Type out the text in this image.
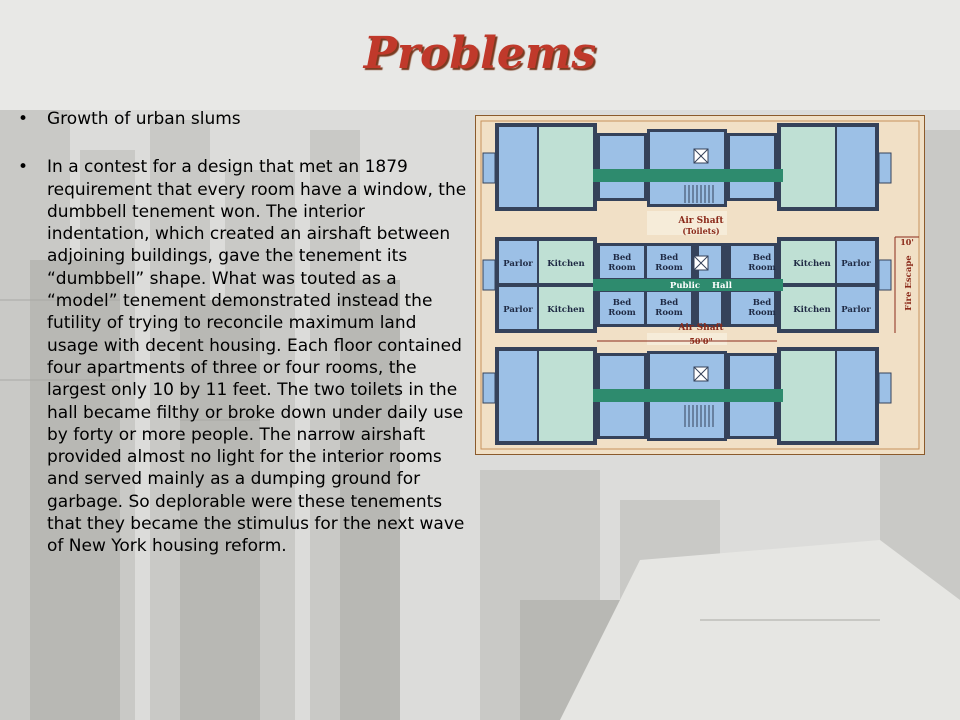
Problems
• Growth of urban slums
• In a contest for a design that met an 1879 requirement that every room have a window, the dumbbell tenement won. The interior indentation, which created an airshaft between adjoining buildings, gave the tenement its “dumbbell” shape. What was touted as a “model” tenement demonstrated instead the futility of trying to reconcile maximum land usage with decent housing. Each floor contained four apartments of three or four rooms, the largest only 10 by 11 feet. The two toilets in the hall became filthy or broke down under daily use by forty or more people. The narrow airshaft provided almost no light for the interior rooms and served mainly as a dumping ground for garbage. So deplorable were these tenements that they became the stimulus for the next wave of New York housing reform.
Air Shaft
(Toilets)
Parlor Kitchen
Bed
Room
Bed
Room
Bed
Room Kitchen Parlor
Parlor Kitchen
Bed
Room
Bed
Room
Bed
Room Kitchen Parlor
Public Hall
Air Shaft
50'0"
10'
Fire Escape
